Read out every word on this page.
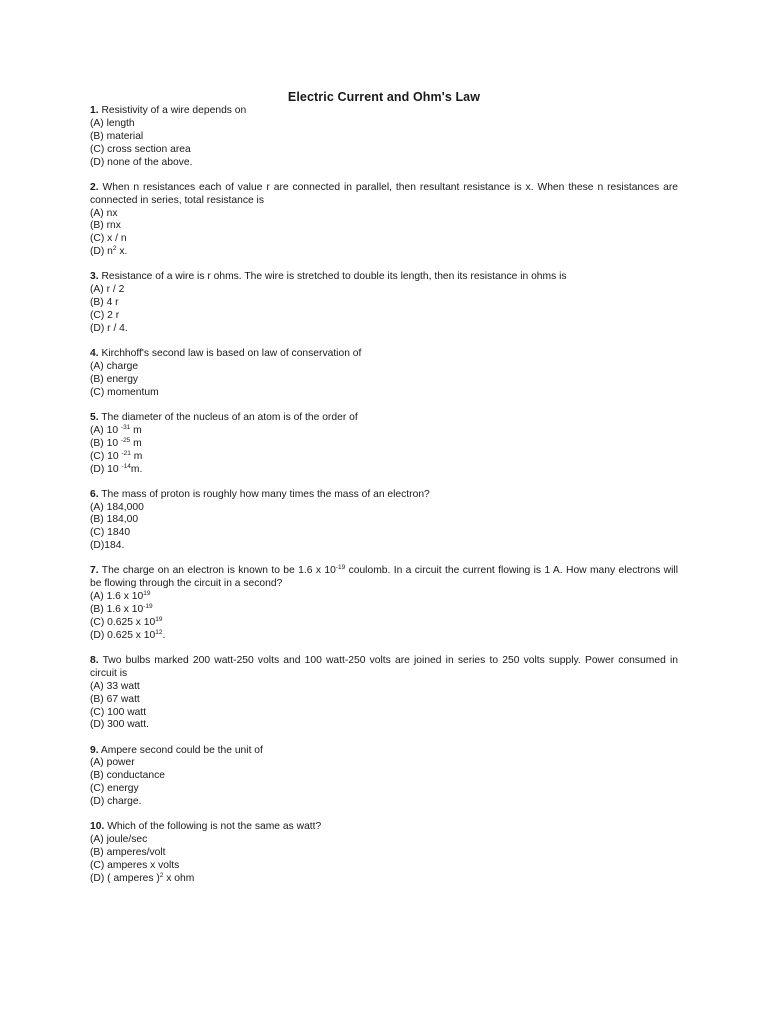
Electric Current and Ohm's Law
1. Resistivity of a wire depends on
(A) length
(B) material
(C) cross section area
(D) none of the above.
2. When n resistances each of value r are connected in parallel, then resultant resistance is x. When these n resistances are connected in series, total resistance is
(A) nx
(B) rnx
(C) x / n
(D) $n^2$ x.
3. Resistance of a wire is r ohms. The wire is stretched to double its length, then its resistance in ohms is
(A) r / 2
(B) 4 r
(C) 2 r
(D) r / 4.
4. Kirchhoff's second law is based on law of conservation of
(A) charge
(B) energy
(C) momentum
5. The diameter of the nucleus of an atom is of the order of
(A) 10 $^{-31}$ m
(B) 10 $^{-25}$ m
(C) 10 $^{-21}$ m
(D) 10 $^{-14}$m.
6. The mass of proton is roughly how many times the mass of an electron?
(A) 184,000
(B) 184,00
(C) 1840
(D)184.
7. The charge on an electron is known to be 1.6 x $10^{-19}$ coulomb. In a circuit the current flowing is 1 A. How many electrons will be flowing through the circuit in a second?
(A) 1.6 x $10^{19}$
(B) 1.6 x $10^{-19}$
(C) 0.625 x $10^{19}$
(D) 0.625 x $10^{12}$.
8. Two bulbs marked 200 watt-250 volts and 100 watt-250 volts are joined in series to 250 volts supply. Power consumed in circuit is
(A) 33 watt
(B) 67 watt
(C) 100 watt
(D) 300 watt.
9. Ampere second could be the unit of
(A) power
(B) conductance
(C) energy
(D) charge.
10. Which of the following is not the same as watt?
(A) joule/sec
(B) amperes/volt
(C) amperes x volts
(D) ( amperes )$^2$ x ohm
